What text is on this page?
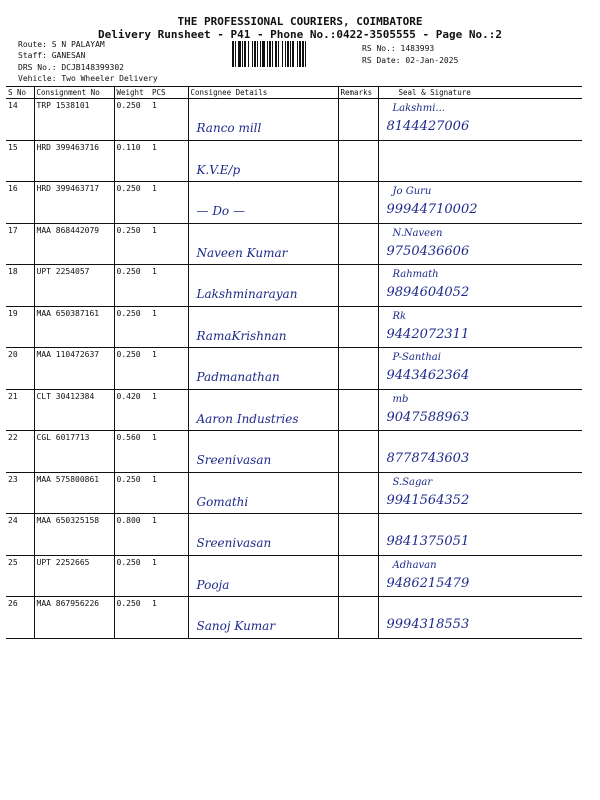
THE PROFESSIONAL COURIERS, COIMBATORE
Delivery Runsheet - P41 - Phone No.:0422-3505555 - Page No.:2
Route: S N PALAYAM
Staff: GANESAN
DRS No.: DCJB148399302
Vehicle: Two Wheeler Delivery
RS No.: 1483993
RS Date: 02-Jan-2025
S No	Consignment No	Weight	PCS	Consignee Details	Remarks	Seal & Signature
14	TRP 1538101	0.250	1	Ranco mill		Lakshmi...
8144427006

15	HRD 399463716	0.110	1	K.V.E/p		

16	HRD 399463717	0.250	1	— Do —		Jo Guru
99944710002

17	MAA 868442079	0.250	1	Naveen Kumar		N.Naveen
9750436606

18	UPT 2254057	0.250	1	Lakshminarayan		Rahmath
9894604052

19	MAA 650387161	0.250	1	RamaKrishnan		Rk
9442072311

20	MAA 110472637	0.250	1	Padmanathan		P-Santhai
9443462364

21	CLT 30412384	0.420	1	Aaron Industries		mb
9047588963

22	CGL 6017713	0.560	1	Sreenivasan		8778743603

23	MAA 575800861	0.250	1	Gomathi		S.Sagar
9941564352

24	MAA 650325158	0.800	1	Sreenivasan		9841375051

25	UPT 2252665	0.250	1	Pooja		Adhavan
9486215479

26	MAA 867956226	0.250	1	Sanoj Kumar		9994318553
